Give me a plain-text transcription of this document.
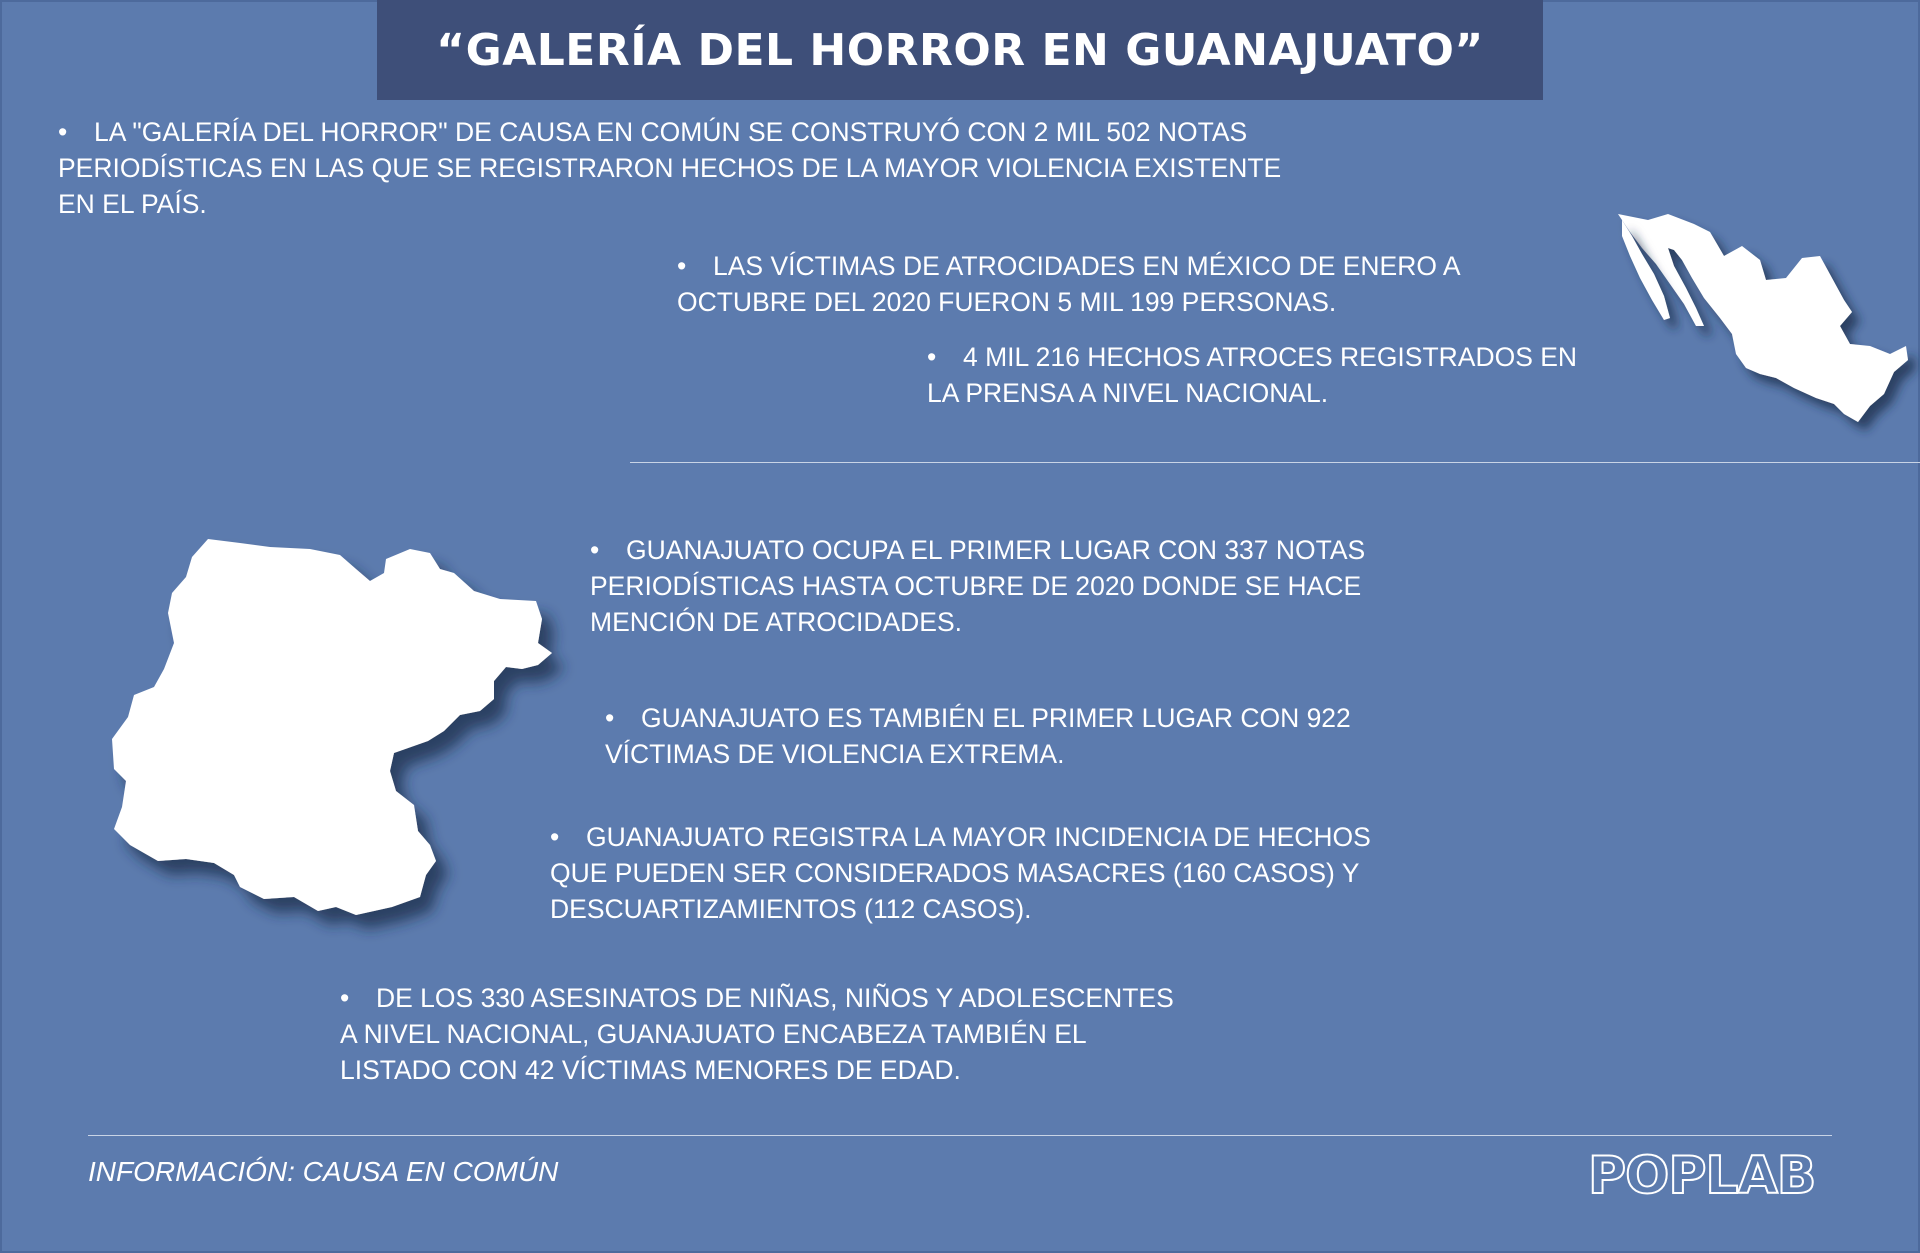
“GALERÍA DEL HORROR EN GUANAJUATO”

• LA "GALERÍA DEL HORROR" DE CAUSA EN COMÚN SE CONSTRUYÓ CON 2 MIL 502 NOTAS
PERIODÍSTICAS EN LAS QUE SE REGISTRARON HECHOS DE LA MAYOR VIOLENCIA EXISTENTE
EN EL PAÍS.

• LAS VÍCTIMAS DE ATROCIDADES EN MÉXICO DE ENERO A
OCTUBRE DEL 2020 FUERON 5 MIL 199 PERSONAS.

• 4 MIL 216 HECHOS ATROCES REGISTRADOS EN
LA PRENSA A NIVEL NACIONAL.

• GUANAJUATO OCUPA EL PRIMER LUGAR CON 337 NOTAS
PERIODÍSTICAS HASTA OCTUBRE DE 2020 DONDE SE HACE
MENCIÓN DE ATROCIDADES.

• GUANAJUATO ES TAMBIÉN EL PRIMER LUGAR CON 922
VÍCTIMAS DE VIOLENCIA EXTREMA.

• GUANAJUATO REGISTRA LA MAYOR INCIDENCIA DE HECHOS
QUE PUEDEN SER CONSIDERADOS MASACRES (160 CASOS) Y
DESCUARTIZAMIENTOS (112 CASOS).

• DE LOS 330 ASESINATOS DE NIÑAS, NIÑOS Y ADOLESCENTES
A NIVEL NACIONAL, GUANAJUATO ENCABEZA TAMBIÉN EL
LISTADO CON 42 VÍCTIMAS MENORES DE EDAD.

INFORMACIÓN: CAUSA EN COMÚN	POPLAB
